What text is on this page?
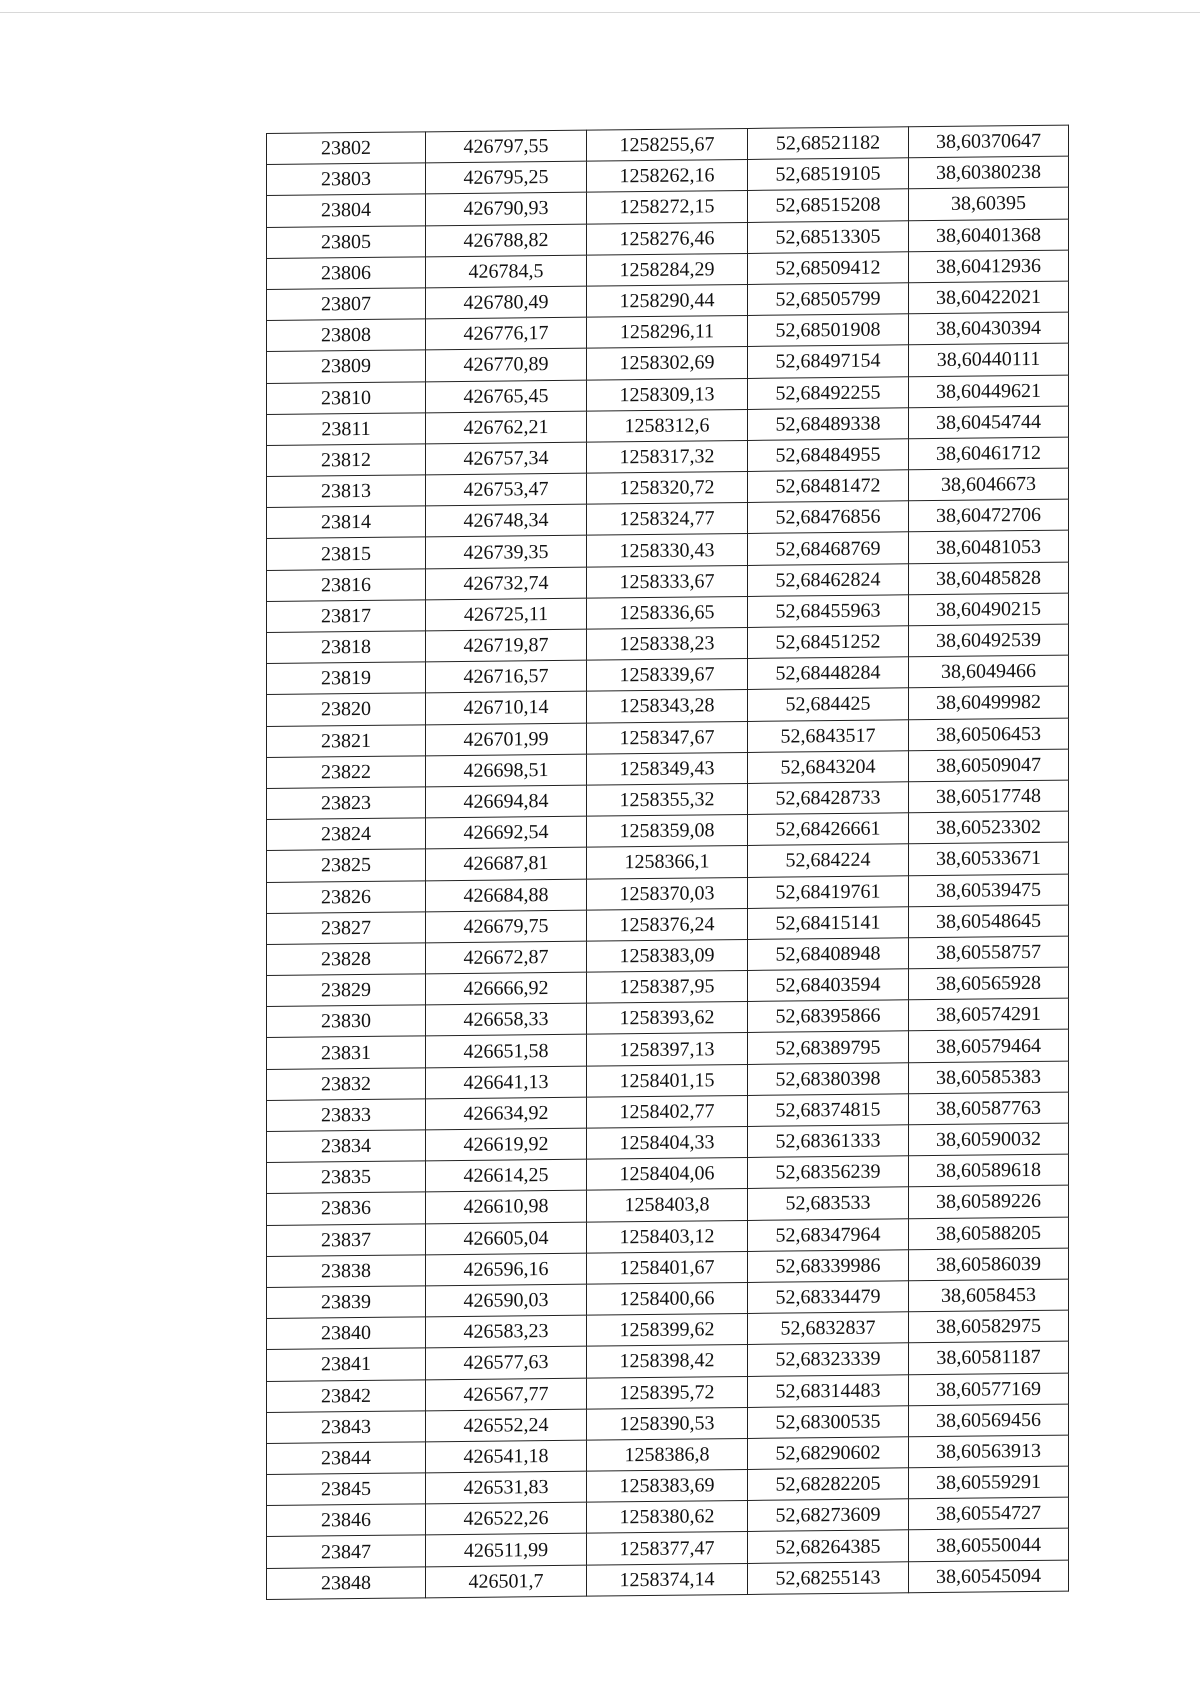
23802	426797,55	1258255,67	52,68521182	38,60370647
23803	426795,25	1258262,16	52,68519105	38,60380238
23804	426790,93	1258272,15	52,68515208	38,60395
23805	426788,82	1258276,46	52,68513305	38,60401368
23806	426784,5	1258284,29	52,68509412	38,60412936
23807	426780,49	1258290,44	52,68505799	38,60422021
23808	426776,17	1258296,11	52,68501908	38,60430394
23809	426770,89	1258302,69	52,68497154	38,60440111
23810	426765,45	1258309,13	52,68492255	38,60449621
23811	426762,21	1258312,6	52,68489338	38,60454744
23812	426757,34	1258317,32	52,68484955	38,60461712
23813	426753,47	1258320,72	52,68481472	38,6046673
23814	426748,34	1258324,77	52,68476856	38,60472706
23815	426739,35	1258330,43	52,68468769	38,60481053
23816	426732,74	1258333,67	52,68462824	38,60485828
23817	426725,11	1258336,65	52,68455963	38,60490215
23818	426719,87	1258338,23	52,68451252	38,60492539
23819	426716,57	1258339,67	52,68448284	38,6049466
23820	426710,14	1258343,28	52,684425	38,60499982
23821	426701,99	1258347,67	52,6843517	38,60506453
23822	426698,51	1258349,43	52,6843204	38,60509047
23823	426694,84	1258355,32	52,68428733	38,60517748
23824	426692,54	1258359,08	52,68426661	38,60523302
23825	426687,81	1258366,1	52,684224	38,60533671
23826	426684,88	1258370,03	52,68419761	38,60539475
23827	426679,75	1258376,24	52,68415141	38,60548645
23828	426672,87	1258383,09	52,68408948	38,60558757
23829	426666,92	1258387,95	52,68403594	38,60565928
23830	426658,33	1258393,62	52,68395866	38,60574291
23831	426651,58	1258397,13	52,68389795	38,60579464
23832	426641,13	1258401,15	52,68380398	38,60585383
23833	426634,92	1258402,77	52,68374815	38,60587763
23834	426619,92	1258404,33	52,68361333	38,60590032
23835	426614,25	1258404,06	52,68356239	38,60589618
23836	426610,98	1258403,8	52,683533	38,60589226
23837	426605,04	1258403,12	52,68347964	38,60588205
23838	426596,16	1258401,67	52,68339986	38,60586039
23839	426590,03	1258400,66	52,68334479	38,6058453
23840	426583,23	1258399,62	52,6832837	38,60582975
23841	426577,63	1258398,42	52,68323339	38,60581187
23842	426567,77	1258395,72	52,68314483	38,60577169
23843	426552,24	1258390,53	52,68300535	38,60569456
23844	426541,18	1258386,8	52,68290602	38,60563913
23845	426531,83	1258383,69	52,68282205	38,60559291
23846	426522,26	1258380,62	52,68273609	38,60554727
23847	426511,99	1258377,47	52,68264385	38,60550044
23848	426501,7	1258374,14	52,68255143	38,60545094
